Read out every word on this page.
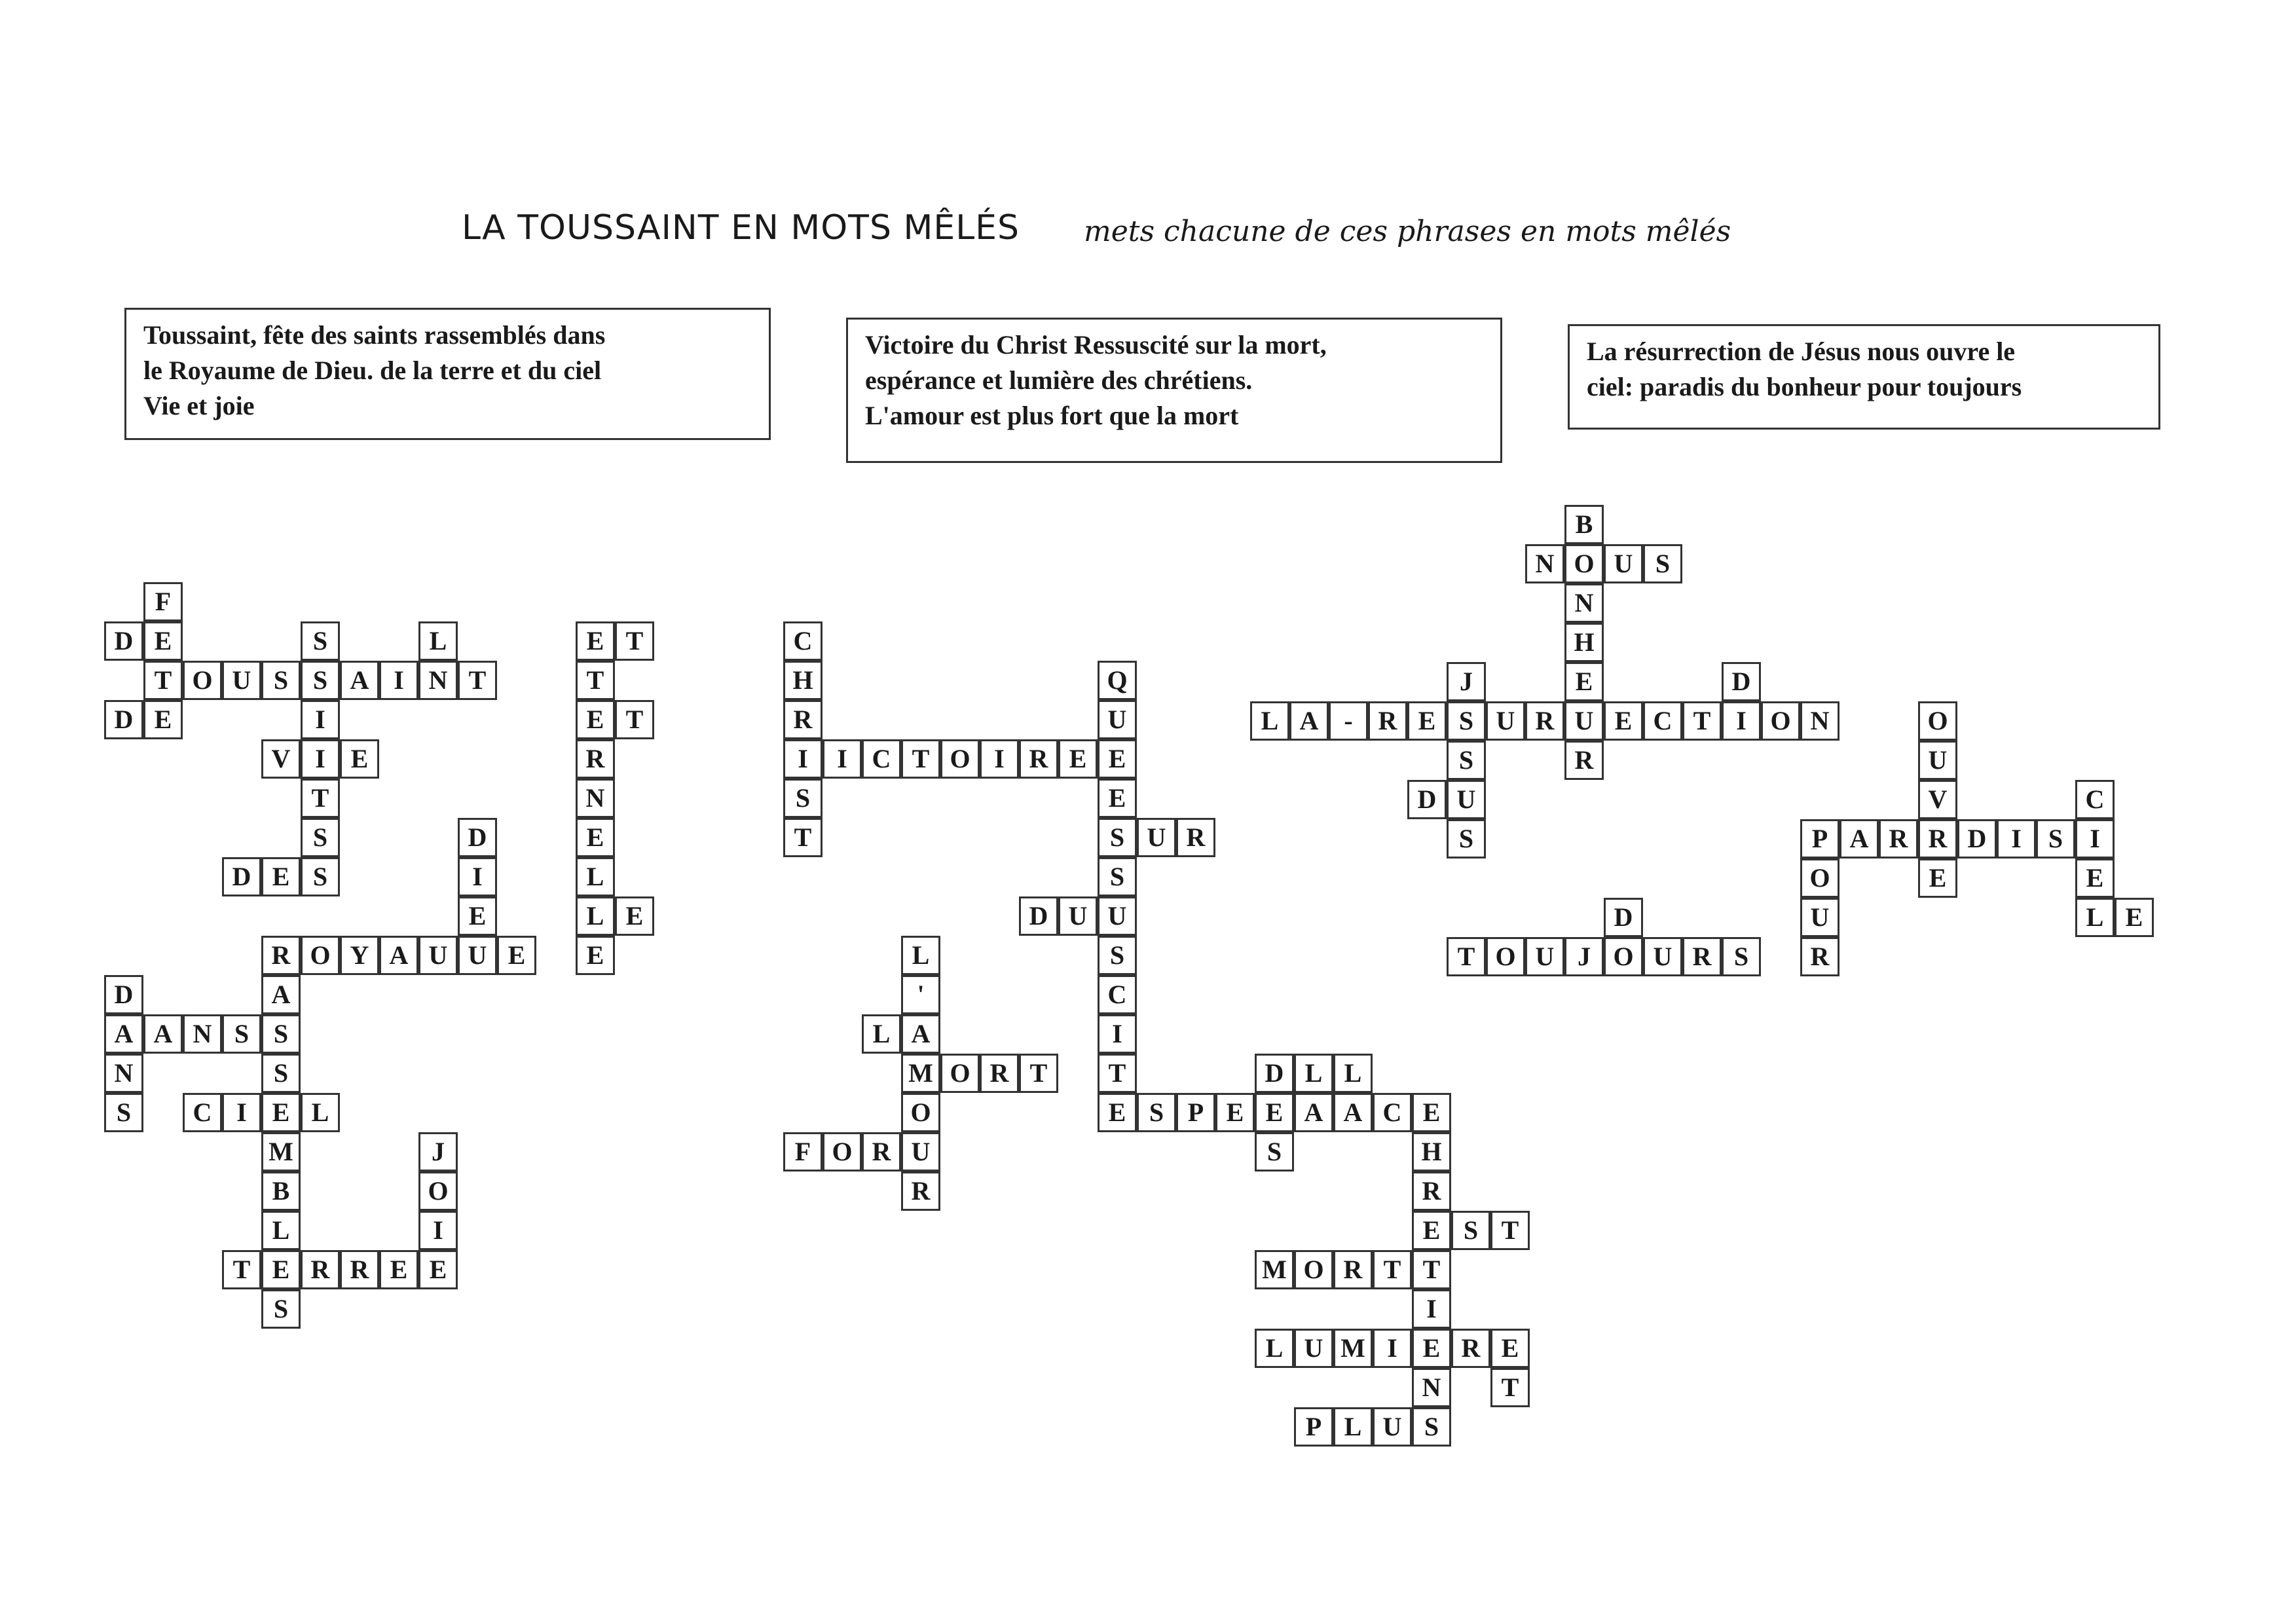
LA TOUSSAINT EN MOTS MÊLÉS mets chacune de ces phrases en mots mêlés
Toussaint, fête des saints rassemblés dans
le Royaume de Dieu. de la terre et du ciel
Vie et joie
Victoire du Christ Ressuscité sur la mort,
espérance et lumière des chrétiens.
L'amour est plus fort que la mort
La résurrection de Jésus nous ouvre le
ciel: paradis du bonheur pour toujours
F
E
T
E
O U S S A I N T
D
D
D
A
N
S
V I E
S
I
T
S
D E S
L	E T
T
E
R
N
E
L
L
E
T
E
D
I
E
U
R O Y A U	E
A
S
S
E
M
B
L
E
S
A N S
C I	L
J
O
I
E
T	R R E
C
H
R
I
S
T
I C T O I R E
Q
U
E
E
S
S
U
S
C
I
T
E
U R
D U
L
'
A
M
O
U
R
L
O R T
F O R
D
E
S
L L
A
S P E	A	C E
H
R
E
T
I
E
N
S
S T
M O R T
L U M I	R E
T
P L U
B
O
N
H
E
U
R
N	U S
L A - R E S U R	E C T I O N
J
S
U
S
D
D
O
U
V
R
E
P A R	D I	S
O
U
R
C
I
E
L E
T O U J O U R S
D
